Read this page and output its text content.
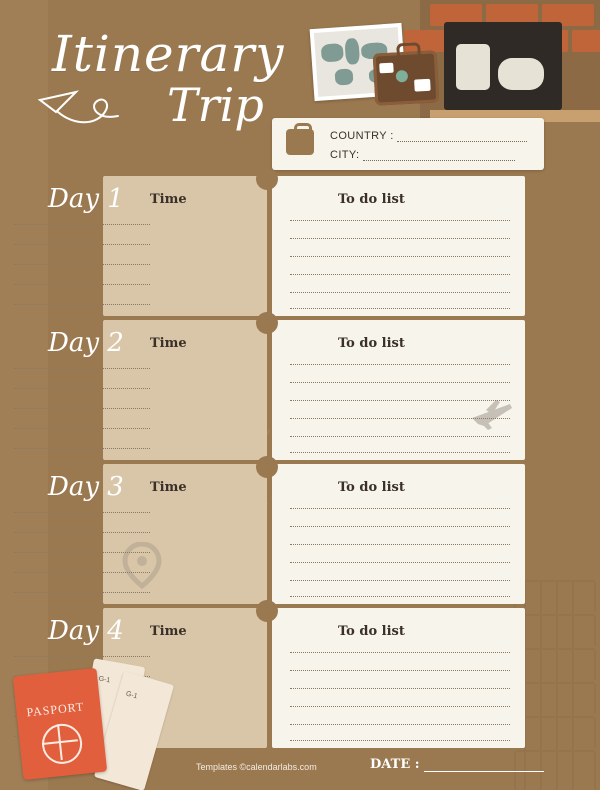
Itinerary
Trip
COUNTRY :
CITY:
Day 1 Time	To do list
Day 2 Time	To do list
Day 3 Time	To do list
Day 4 Time	To do list
G-1
G-1
PASPORT
Templates ©calendarlabs.com	DATE :
